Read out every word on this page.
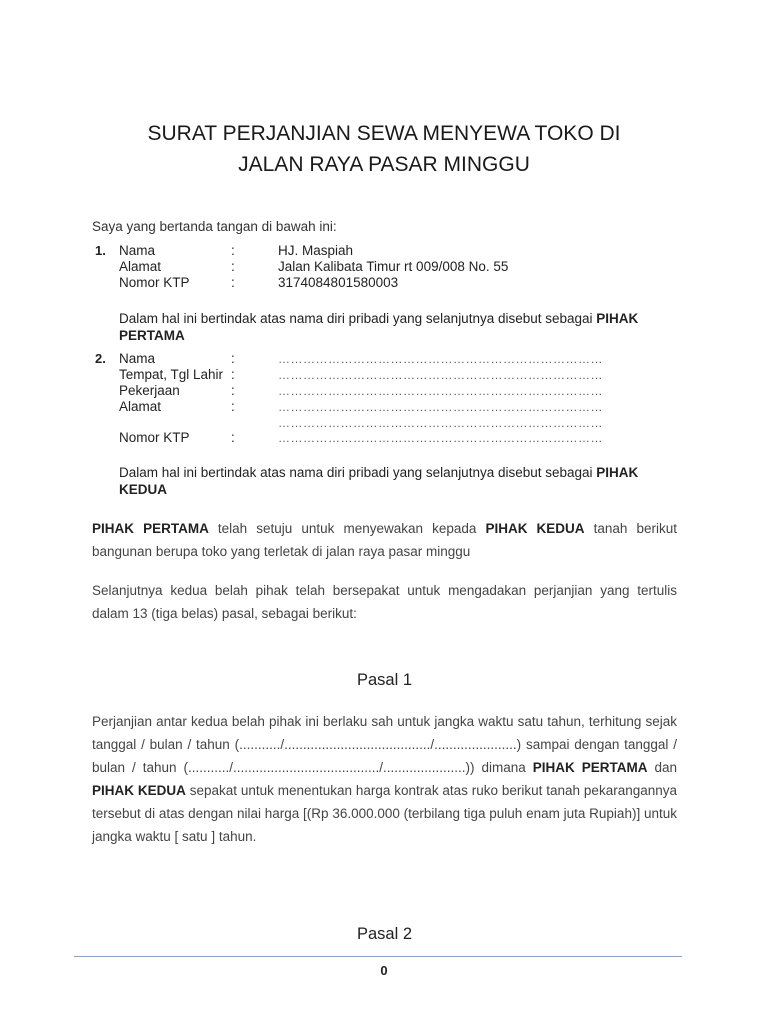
SURAT PERJANJIAN SEWA MENYEWA TOKO DI
JALAN RAYA PASAR MINGGU
Saya yang bertanda tangan di bawah ini:
1. Nama	:	HJ. Maspiah
Alamat	:	Jalan Kalibata Timur rt 009/008 No. 55
Nomor KTP	:	3174084801580003
Dalam hal ini bertindak atas nama diri pribadi yang selanjutnya disebut sebagai PIHAK
PERTAMA
2. Nama	:	……………………………………………………………………
Tempat, Tgl Lahir :	……………………………………………………………………
Pekerjaan	:	……………………………………………………………………
Alamat	:	……………………………………………………………………
……………………………………………………………………
Nomor KTP	:	……………………………………………………………………
Dalam hal ini bertindak atas nama diri pribadi yang selanjutnya disebut sebagai PIHAK
KEDUA

PIHAK PERTAMA telah setuju untuk menyewakan kepada PIHAK KEDUA tanah berikut bangunan berupa toko yang terletak di jalan raya pasar minggu

Selanjutnya kedua belah pihak telah bersepakat untuk mengadakan perjanjian yang tertulis dalam 13 (tiga belas) pasal, sebagai berikut:

Pasal 1

Perjanjian antar kedua belah pihak ini berlaku sah untuk jangka waktu satu tahun, terhitung sejak tanggal / bulan / tahun (.........../......................................./......................) sampai dengan tanggal / bulan / tahun (.........../......................................./......................)) dimana PIHAK PERTAMA dan PIHAK KEDUA sepakat untuk menentukan harga kontrak atas ruko berikut tanah pekarangannya tersebut di atas dengan nilai harga [(Rp 36.000.000 (terbilang tiga puluh enam juta Rupiah)] untuk jangka waktu [ satu ] tahun.

Pasal 2
0
